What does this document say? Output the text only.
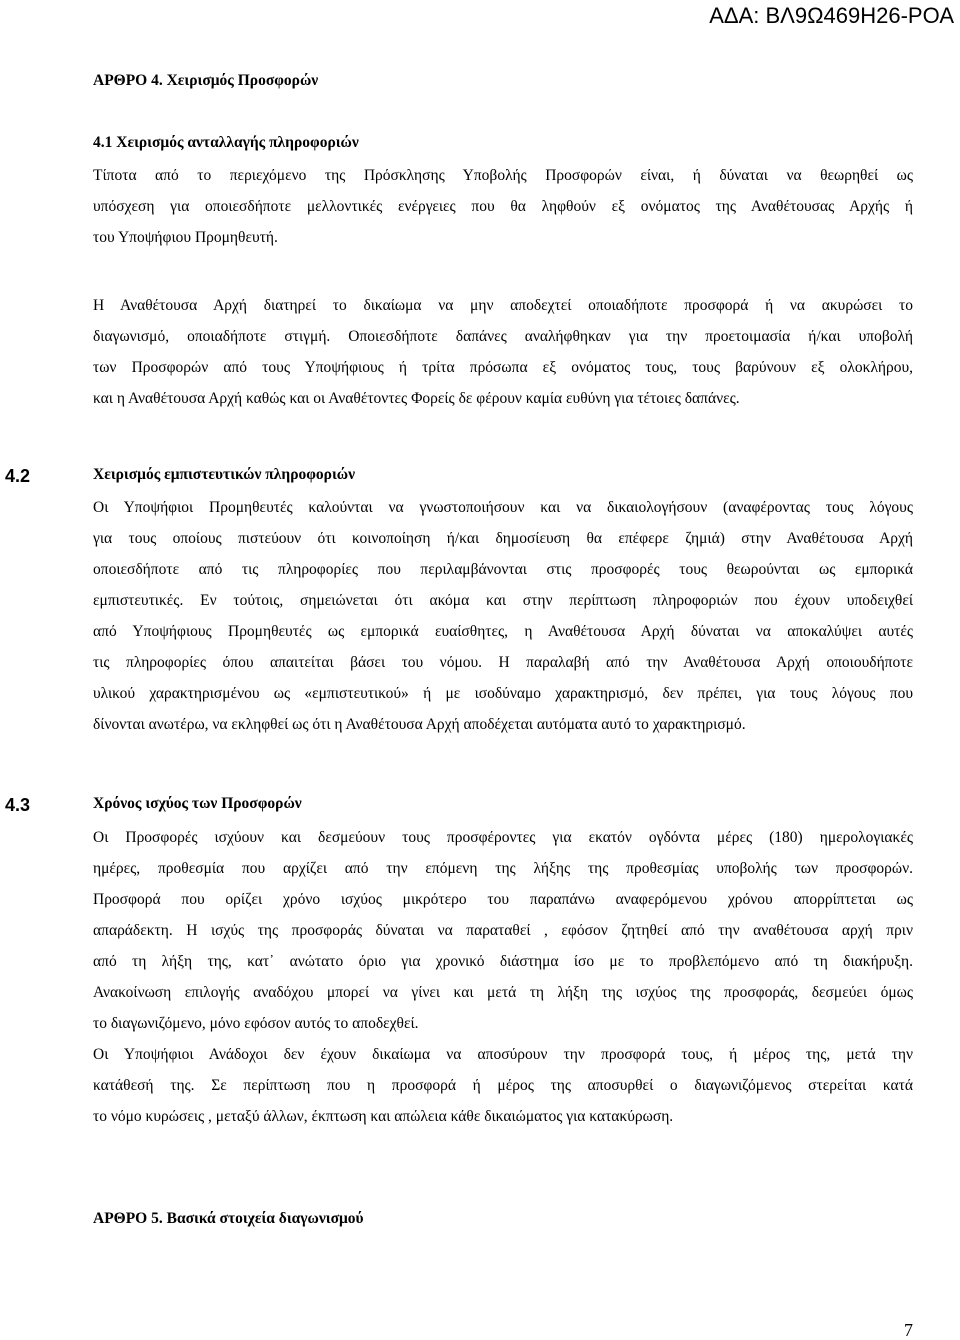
ΑΔΑ: ΒΛ9Ω469Η26-ΡΟΑ
ΑΡΘΡΟ 4. Χειρισμός Προσφορών
4.1 Χειρισμός ανταλλαγής πληροφοριών
Τίποτα από το περιεχόμενο της Πρόσκλησης Υποβολής Προσφορών είναι, ή δύναται να θεωρηθεί ως
υπόσχεση για οποιεσδήποτε μελλοντικές ενέργειες που θα ληφθούν εξ ονόματος της Αναθέτουσας Αρχής ή
του Υποψήφιου Προμηθευτή.
Η Αναθέτουσα Αρχή διατηρεί το δικαίωμα να μην αποδεχτεί οποιαδήποτε προσφορά ή να ακυρώσει το
διαγωνισμό, οποιαδήποτε στιγμή. Οποιεσδήποτε δαπάνες αναλήφθηκαν για την προετοιμασία ή/και υποβολή
των Προσφορών από τους Υποψήφιους ή τρίτα πρόσωπα εξ ονόματος τους, τους βαρύνουν εξ ολοκλήρου,
και η Αναθέτουσα Αρχή καθώς και οι Αναθέτοντες Φορείς δε φέρουν καμία ευθύνη για τέτοιες δαπάνες.
4.2	Χειρισμός εμπιστευτικών πληροφοριών
Οι Υποψήφιοι Προμηθευτές καλούνται να γνωστοποιήσουν και να δικαιολογήσουν (αναφέροντας τους λόγους
για τους οποίους πιστεύουν ότι κοινοποίηση ή/και δημοσίευση θα επέφερε ζημιά) στην Αναθέτουσα Αρχή
οποιεσδήποτε από τις πληροφορίες που περιλαμβάνονται στις προσφορές τους θεωρούνται ως εμπορικά
εμπιστευτικές. Εν τούτοις, σημειώνεται ότι ακόμα και στην περίπτωση πληροφοριών που έχουν υποδειχθεί
από Υποψήφιους Προμηθευτές ως εμπορικά ευαίσθητες, η Αναθέτουσα Αρχή δύναται να αποκαλύψει αυτές
τις πληροφορίες όπου απαιτείται βάσει του νόμου. Η παραλαβή από την Αναθέτουσα Αρχή οποιουδήποτε
υλικού χαρακτηρισμένου ως «εμπιστευτικού» ή με ισοδύναμο χαρακτηρισμό, δεν πρέπει, για τους λόγους που
δίνονται ανωτέρω, να εκληφθεί ως ότι η Αναθέτουσα Αρχή αποδέχεται αυτόματα αυτό το χαρακτηρισμό.
4.3	Χρόνος ισχύος των Προσφορών
Οι Προσφορές ισχύουν και δεσμεύουν τους προσφέροντες για εκατόν ογδόντα μέρες (180) ημερολογιακές
ημέρες, προθεσμία που αρχίζει από την επόμενη της λήξης της προθεσμίας υποβολής των προσφορών.
Προσφορά που ορίζει χρόνο ισχύος μικρότερο του παραπάνω αναφερόμενου χρόνου απορρίπτεται ως
απαράδεκτη. Η ισχύς της προσφοράς δύναται να παραταθεί , εφόσον ζητηθεί από την αναθέτουσα αρχή πριν
από τη λήξη της, κατ᾽ ανώτατο όριο για χρονικό διάστημα ίσο με το προβλεπόμενο από τη διακήρυξη.
Ανακοίνωση επιλογής αναδόχου μπορεί να γίνει και μετά τη λήξη της ισχύος της προσφοράς, δεσμεύει όμως
το διαγωνιζόμενο, μόνο εφόσον αυτός το αποδεχθεί.
Οι Υποψήφιοι Ανάδοχοι δεν έχουν δικαίωμα να αποσύρουν την προσφορά τους, ή μέρος της, μετά την
κατάθεσή της. Σε περίπτωση που η προσφορά ή μέρος της αποσυρθεί ο διαγωνιζόμενος στερείται κατά
το νόμο κυρώσεις , μεταξύ άλλων, έκπτωση και απώλεια κάθε δικαιώματος για κατακύρωση.
ΑΡΘΡΟ 5. Βασικά στοιχεία διαγωνισμού
7
